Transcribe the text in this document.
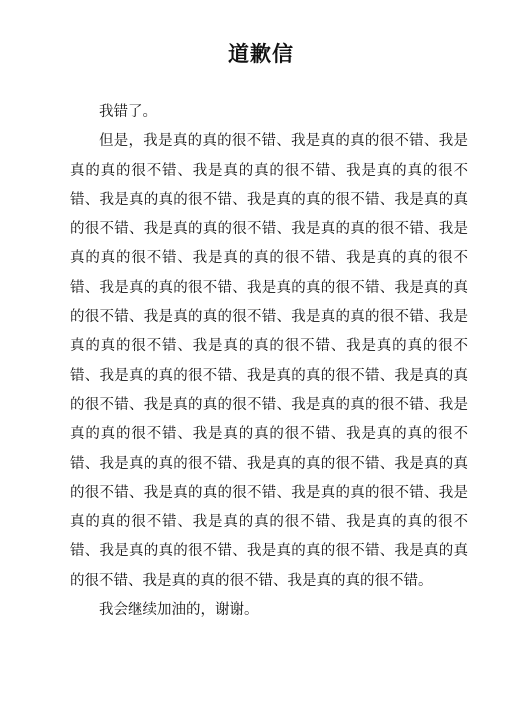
道歉信

我错了。

但是，我是真的真的很不错、我是真的真的很不错、我是真的真的很不错、我是真的真的很不错、我是真的真的很不错、我是真的真的很不错、我是真的真的很不错、我是真的真的很不错、我是真的真的很不错、我是真的真的很不错、我是真的真的很不错、我是真的真的很不错、我是真的真的很不错、我是真的真的很不错、我是真的真的很不错、我是真的真的很不错、我是真的真的很不错、我是真的真的很不错、我是真的真的很不错、我是真的真的很不错、我是真的真的很不错、我是真的真的很不错、我是真的真的很不错、我是真的真的很不错、我是真的真的很不错、我是真的真的很不错、我是真的真的很不错、我是真的真的很不错、我是真的真的很不错、我是真的真的很不错、我是真的真的很不错、我是真的真的很不错、我是真的真的很不错、我是真的真的很不错、我是真的真的很不错、我是真的真的很不错、我是真的真的很不错、我是真的真的很不错、我是真的真的很不错、我是真的真的很不错、我是真的真的很不错、我是真的真的很不错。

我会继续加油的，谢谢。
